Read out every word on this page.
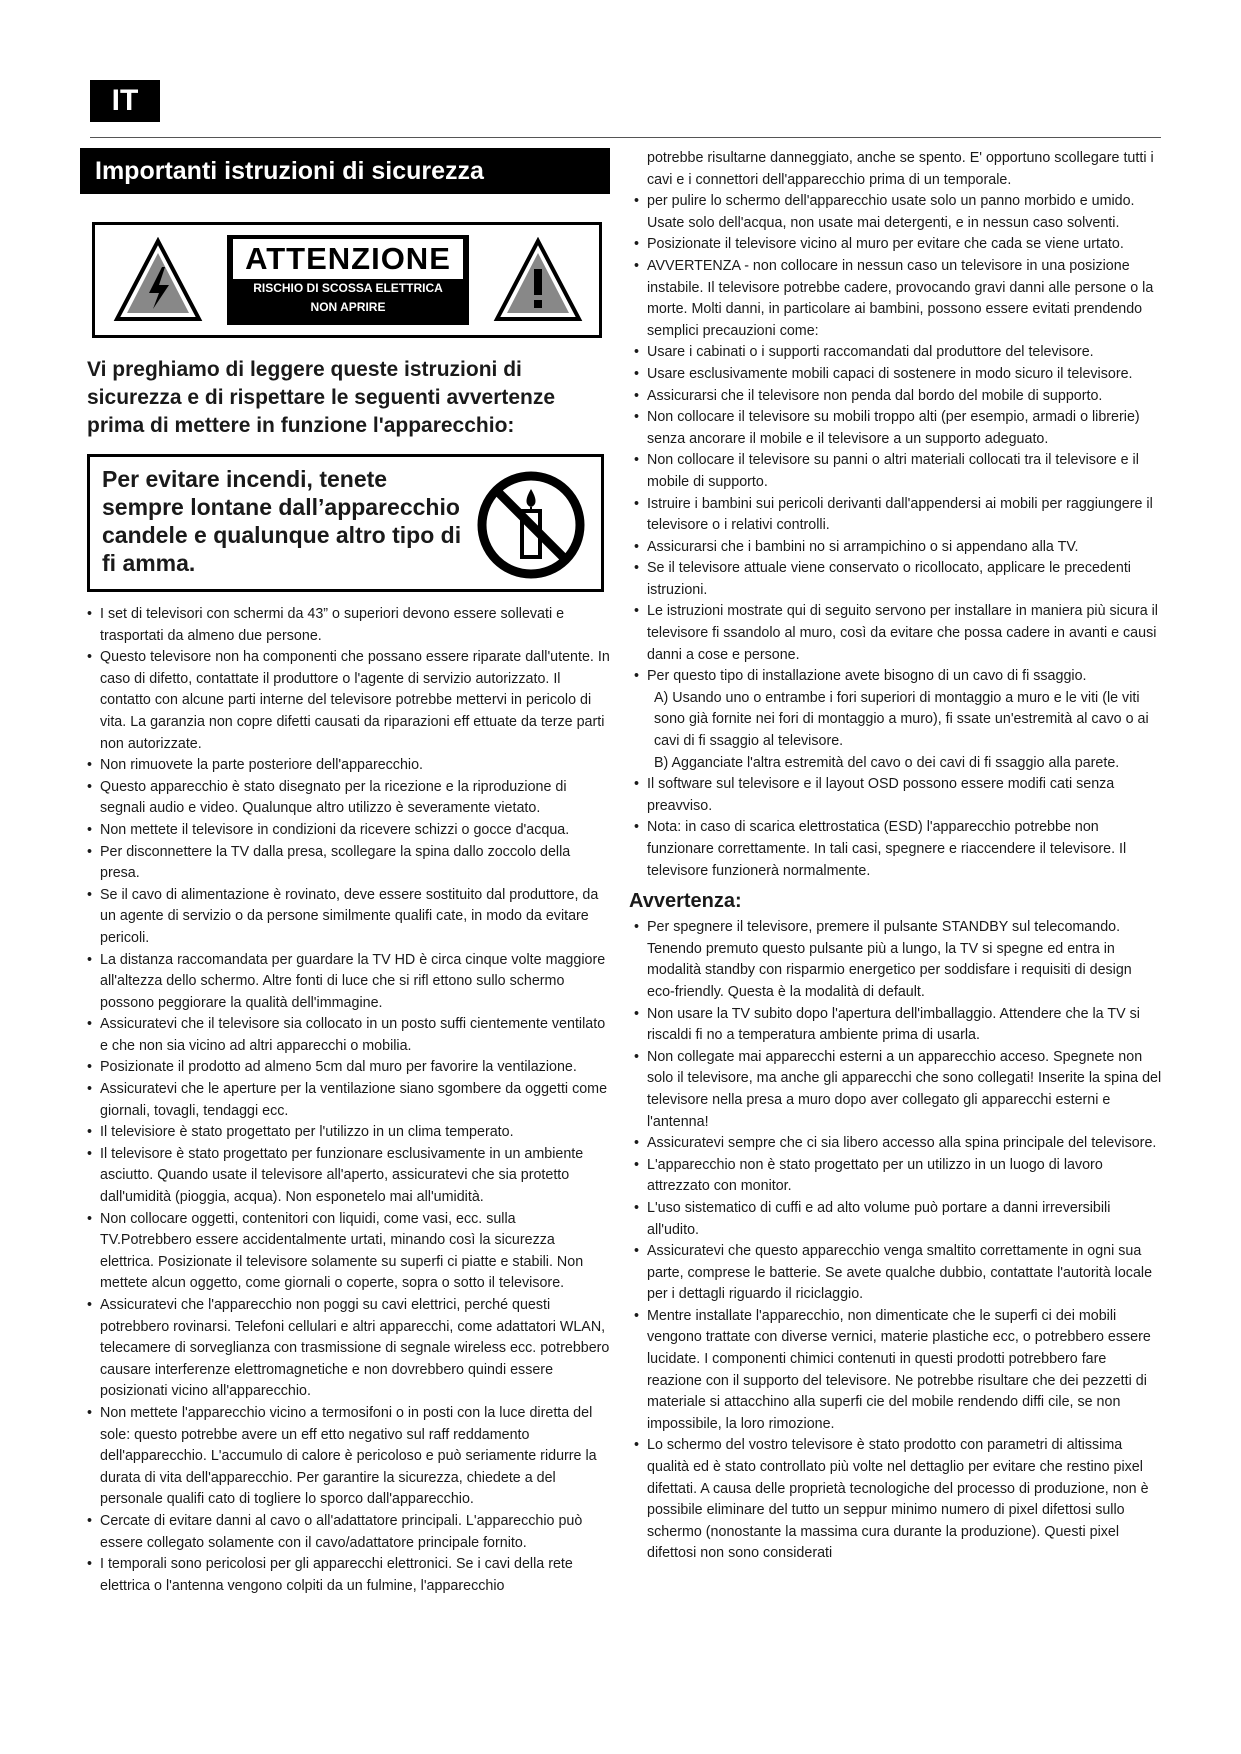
IT
Importanti istruzioni di sicurezza
ATTENZIONE
RISCHIO DI SCOSSA ELETTRICA
NON APRIRE
Vi preghiamo di leggere queste istruzioni di sicurezza e di rispettare le seguenti avvertenze prima di mettere in funzione l'apparecchio:
Per evitare incendi, tenete sempre lontane dall’apparecchio candele e qualunque altro tipo di fi amma.
• I set di televisori con schermi da 43” o superiori devono essere sollevati e trasportati da almeno due persone.
• Questo televisore non ha componenti che possano essere riparate dall'utente. In caso di difetto, contattate il produttore o l'agente di servizio autorizzato. Il contatto con alcune parti interne del televisore potrebbe mettervi in pericolo di vita. La garanzia non copre difetti causati da riparazioni eff ettuate da terze parti non autorizzate.
• Non rimuovete la parte posteriore dell'apparecchio.
• Questo apparecchio è stato disegnato per la ricezione e la riproduzione di segnali audio e video. Qualunque altro utilizzo è severamente vietato.
• Non mettete il televisore in condizioni da ricevere schizzi o gocce d'acqua.
• Per disconnettere la TV dalla presa, scollegare la spina dallo zoccolo della presa.
• Se il cavo di alimentazione è rovinato, deve essere sostituito dal produttore, da un agente di servizio o da persone similmente qualifi cate, in modo da evitare pericoli.
• La distanza raccomandata per guardare la TV HD è circa cinque volte maggiore all'altezza dello schermo. Altre fonti di luce che si rifl ettono sullo schermo possono peggiorare la qualità dell'immagine.
• Assicuratevi che il televisore sia collocato in un posto suffi cientemente ventilato e che non sia vicino ad altri apparecchi o mobilia.
• Posizionate il prodotto ad almeno 5cm dal muro per favorire la ventilazione.
• Assicuratevi che le aperture per la ventilazione siano sgombere da oggetti come giornali, tovagli, tendaggi ecc.
• Il televisiore è stato progettato per l'utilizzo in un clima temperato.
• Il televisore è stato progettato per funzionare esclusivamente in un ambiente asciutto. Quando usate il televisore all'aperto, assicuratevi che sia protetto dall'umidità (pioggia, acqua). Non esponetelo mai all'umidità.
• Non collocare oggetti, contenitori con liquidi, come vasi, ecc. sulla TV.Potrebbero essere accidentalmente urtati, minando così la sicurezza elettrica. Posizionate il televisore solamente su superfi ci piatte e stabili. Non mettete alcun oggetto, come giornali o coperte, sopra o sotto il televisore.
• Assicuratevi che l'apparecchio non poggi su cavi elettrici, perché questi potrebbero rovinarsi. Telefoni cellulari e altri apparecchi, come adattatori WLAN, telecamere di sorveglianza con trasmissione di segnale wireless ecc. potrebbero causare interferenze elettromagnetiche e non dovrebbero quindi essere posizionati vicino all'apparecchio.
• Non mettete l'apparecchio vicino a termosifoni o in posti con la luce diretta del sole: questo potrebbe avere un eff etto negativo sul raff reddamento dell'apparecchio. L'accumulo di calore è pericoloso e può seriamente ridurre la durata di vita dell'apparecchio. Per garantire la sicurezza, chiedete a del personale qualifi cato di togliere lo sporco dall'apparecchio.
• Cercate di evitare danni al cavo o all'adattatore principali. L'apparecchio può essere collegato solamente con il cavo/adattatore principale fornito.
• I temporali sono pericolosi per gli apparecchi elettronici. Se i cavi della rete elettrica o l'antenna vengono colpiti da un fulmine, l'apparecchio
potrebbe risultarne danneggiato, anche se spento. E' opportuno scollegare tutti i cavi e i connettori dell'apparecchio prima di un temporale.
• per pulire lo schermo dell'apparecchio usate solo un panno morbido e umido. Usate solo dell'acqua, non usate mai detergenti, e in nessun caso solventi.
• Posizionate il televisore vicino al muro per evitare che cada se viene urtato.
• AVVERTENZA - non collocare in nessun caso un televisore in una posizione instabile. Il televisore potrebbe cadere, provocando gravi danni alle persone o la morte. Molti danni, in particolare ai bambini, possono essere evitati prendendo semplici precauzioni come:
• Usare i cabinati o i supporti raccomandati dal produttore del televisore.
• Usare esclusivamente mobili capaci di sostenere in modo sicuro il televisore.
• Assicurarsi che il televisore non penda dal bordo del mobile di supporto.
• Non collocare il televisore su mobili troppo alti (per esempio, armadi o librerie) senza ancorare il mobile e il televisore a un supporto adeguato.
• Non collocare il televisore su panni o altri materiali collocati tra il televisore e il mobile di supporto.
• Istruire i bambini sui pericoli derivanti dall'appendersi ai mobili per raggiungere il televisore o i relativi controlli.
• Assicurarsi che i bambini no si arrampichino o si appendano alla TV.
• Se il televisore attuale viene conservato o ricollocato, applicare le precedenti istruzioni.
• Le istruzioni mostrate qui di seguito servono per installare in maniera più sicura il televisore fi ssandolo al muro, così da evitare che possa cadere in avanti e causi danni a cose e persone.
• Per questo tipo di installazione avete bisogno di un cavo di fi ssaggio.
A) Usando uno o entrambe i fori superiori di montaggio a muro e le viti (le viti sono già fornite nei fori di montaggio a muro), fi ssate un'estremità al cavo o ai cavi di fi ssaggio al televisore.
B) Agganciate l'altra estremità del cavo o dei cavi di fi ssaggio alla parete.
• Il software sul televisore e il layout OSD possono essere modifi cati senza preavviso.
• Nota: in caso di scarica elettrostatica (ESD) l'apparecchio potrebbe non funzionare correttamente. In tali casi, spegnere e riaccendere il televisore. Il televisore funzionerà normalmente.
Avvertenza:
• Per spegnere il televisore, premere il pulsante STANDBY sul telecomando. Tenendo premuto questo pulsante più a lungo, la TV si spegne ed entra in modalità standby con risparmio energetico per soddisfare i requisiti di design eco-friendly. Questa è la modalità di default.
• Non usare la TV subito dopo l'apertura dell'imballaggio. Attendere che la TV si riscaldi fi no a temperatura ambiente prima di usarla.
• Non collegate mai apparecchi esterni a un apparecchio acceso. Spegnete non solo il televisore, ma anche gli apparecchi che sono collegati! Inserite la spina del televisore nella presa a muro dopo aver collegato gli apparecchi esterni e l'antenna!
• Assicuratevi sempre che ci sia libero accesso alla spina principale del televisore.
• L'apparecchio non è stato progettato per un utilizzo in un luogo di lavoro attrezzato con monitor.
• L'uso sistematico di cuffi e ad alto volume può portare a danni irreversibili all'udito.
• Assicuratevi che questo apparecchio venga smaltito correttamente in ogni sua parte, comprese le batterie. Se avete qualche dubbio, contattate l'autorità locale per i dettagli riguardo il riciclaggio.
• Mentre installate l'apparecchio, non dimenticate che le superfi ci dei mobili vengono trattate con diverse vernici, materie plastiche ecc, o potrebbero essere lucidate. I componenti chimici contenuti in questi prodotti potrebbero fare reazione con il supporto del televisore. Ne potrebbe risultare che dei pezzetti di materiale si attacchino alla superfi cie del mobile rendendo diffi cile, se non impossibile, la loro rimozione.
• Lo schermo del vostro televisore è stato prodotto con parametri di altissima qualità ed è stato controllato più volte nel dettaglio per evitare che restino pixel difettati. A causa delle proprietà tecnologiche del processo di produzione, non è possibile eliminare del tutto un seppur minimo numero di pixel difettosi sullo schermo (nonostante la massima cura durante la produzione). Questi pixel difettosi non sono considerati
